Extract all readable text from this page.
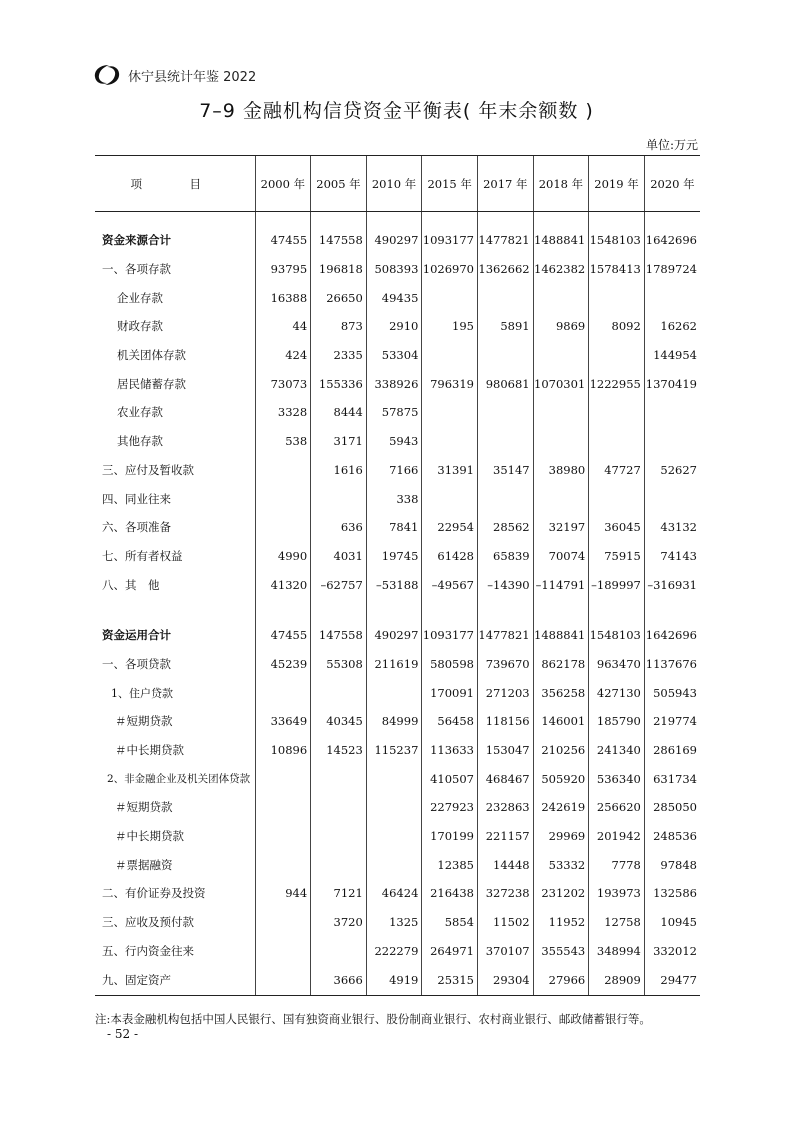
休宁县统计年鉴 2022
7–9 金融机构信贷资金平衡表( 年末余额数 )
单位:万元
项　目	2000 年	2005 年	2010 年	2015 年	2017 年	2018 年	2019 年	2020 年

资金来源合计	47455	147558	490297	1093177	1477821	1488841	1548103	1642696
一、各项存款	93795	196818	508393	1026970	1362662	1462382	1578413	1789724
企业存款	16388	26650	49435					
财政存款	44	873	2910	195	5891	9869	8092	16262
机关团体存款	424	2335	53304					144954
居民储蓄存款	73073	155336	338926	796319	980681	1070301	1222955	1370419
农业存款	3328	8444	57875					
其他存款	538	3171	5943					
三、应付及暂收款		1616	7166	31391	35147	38980	47727	52627
四、同业往来			338					
六、各项准备		636	7841	22954	28562	32197	36045	43132
七、所有者权益	4990	4031	19745	61428	65839	70074	75915	74143
八、其　他	41320	–62757	–53188	–49567	–14390	–114791	–189997	–316931

资金运用合计	47455	147558	490297	1093177	1477821	1488841	1548103	1642696
一、各项贷款	45239	55308	211619	580598	739670	862178	963470	1137676
1、住户贷款				170091	271203	356258	427130	505943
＃短期贷款	33649	40345	84999	56458	118156	146001	185790	219774
＃中长期贷款	10896	14523	115237	113633	153047	210256	241340	286169
2、非金融企业及机关团体贷款				410507	468467	505920	536340	631734
＃短期贷款				227923	232863	242619	256620	285050
＃中长期贷款				170199	221157	29969	201942	248536
＃票据融资				12385	14448	53332	7778	97848
二、有价证券及投资	944	7121	46424	216438	327238	231202	193973	132586
三、应收及预付款		3720	1325	5854	11502	11952	12758	10945
五、行内资金往来			222279	264971	370107	355543	348994	332012
九、固定资产		3666	4919	25315	29304	27966	28909	29477
注:本表金融机构包括中国人民银行、国有独资商业银行、股份制商业银行、农村商业银行、邮政储蓄银行等。
- 52 -
